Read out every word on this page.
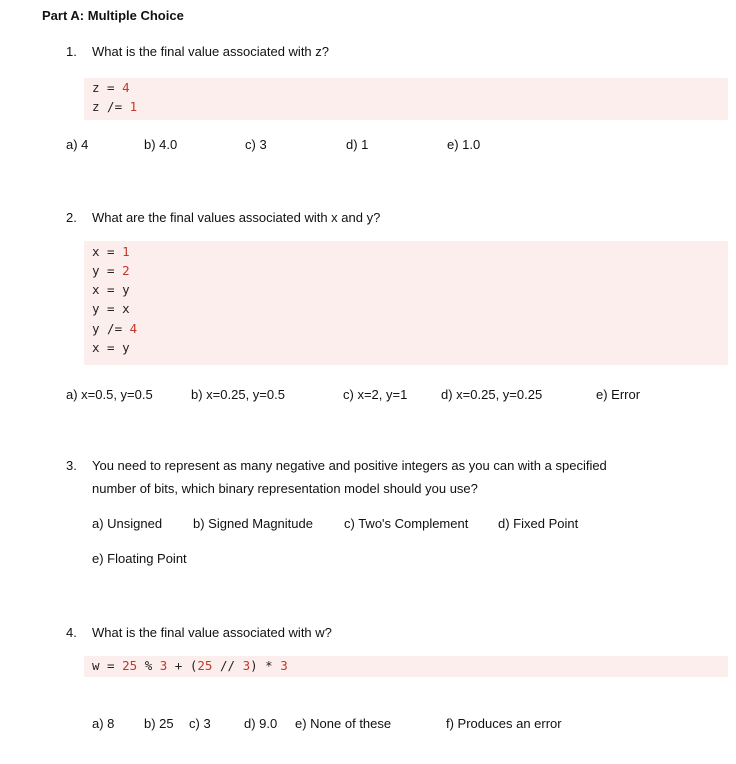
Part A: Multiple Choice
1. What is the final value associated with z?
z = 4
z /= 1
a) 4	b) 4.0	c) 3	d) 1	e) 1.0
2. What are the final values associated with x and y?
x = 1
y = 2
x = y
y = x
y /= 4
x = y
a) x=0.5, y=0.5	b) x=0.25, y=0.5	c) x=2, y=1	d) x=0.25, y=0.25	e) Error
3. You need to represent as many negative and positive integers as you can with a specified
number of bits, which binary representation model should you use?
a) Unsigned b) Signed Magnitude c) Two's Complement d) Fixed Point
e) Floating Point
4. What is the final value associated with w?
w = 25 % 3 + (25 // 3) * 3
a) 8 b) 25 c) 3	d) 9.0 e) None of these	f) Produces an error
